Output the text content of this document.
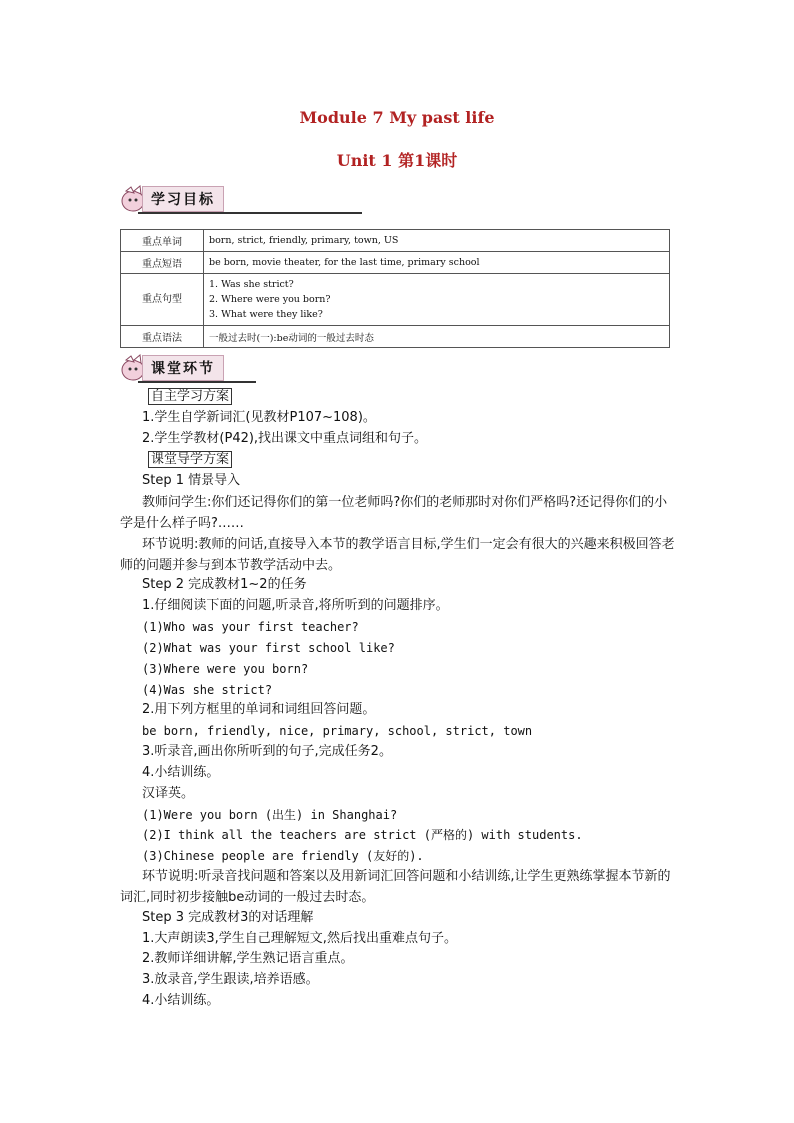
Module 7 My past life
Unit 1 第1课时
学习目标
重点单词	born, strict, friendly, primary, town, US
重点短语	be born, movie theater, for the last time, primary school
重点句型	1. Was she strict?
2. Where were you born?
3. What were they like?

重点语法	一般过去时(一):be动词的一般过去时态
课堂环节
自主学习方案
1.学生自学新词汇(见教材P107~108)。
2.学生学教材(P42),找出课文中重点词组和句子。
课堂导学方案
Step 1 情景导入
教师问学生:你们还记得你们的第一位老师吗?你们的老师那时对你们严格吗?还记得你们的小学是什么样子吗?……
环节说明:教师的问话,直接导入本节的教学语言目标,学生们一定会有很大的兴趣来积极回答老师的问题并参与到本节教学活动中去。
Step 2 完成教材1~2的任务
1.仔细阅读下面的问题,听录音,将所听到的问题排序。
(1)Who was your first teacher?
(2)What was your first school like?
(3)Where were you born?
(4)Was she strict?
2.用下列方框里的单词和词组回答问题。
be born, friendly, nice, primary, school, strict, town
3.听录音,画出你所听到的句子,完成任务2。
4.小结训练。
汉译英。
(1)Were you born (出生) in Shanghai?
(2)I think all the teachers are strict (严格的) with students.
(3)Chinese people are friendly (友好的).
环节说明:听录音找问题和答案以及用新词汇回答问题和小结训练,让学生更熟练掌握本节新的词汇,同时初步接触be动词的一般过去时态。
Step 3 完成教材3的对话理解
1.大声朗读3,学生自己理解短文,然后找出重难点句子。
2.教师详细讲解,学生熟记语言重点。
3.放录音,学生跟读,培养语感。
4.小结训练。
